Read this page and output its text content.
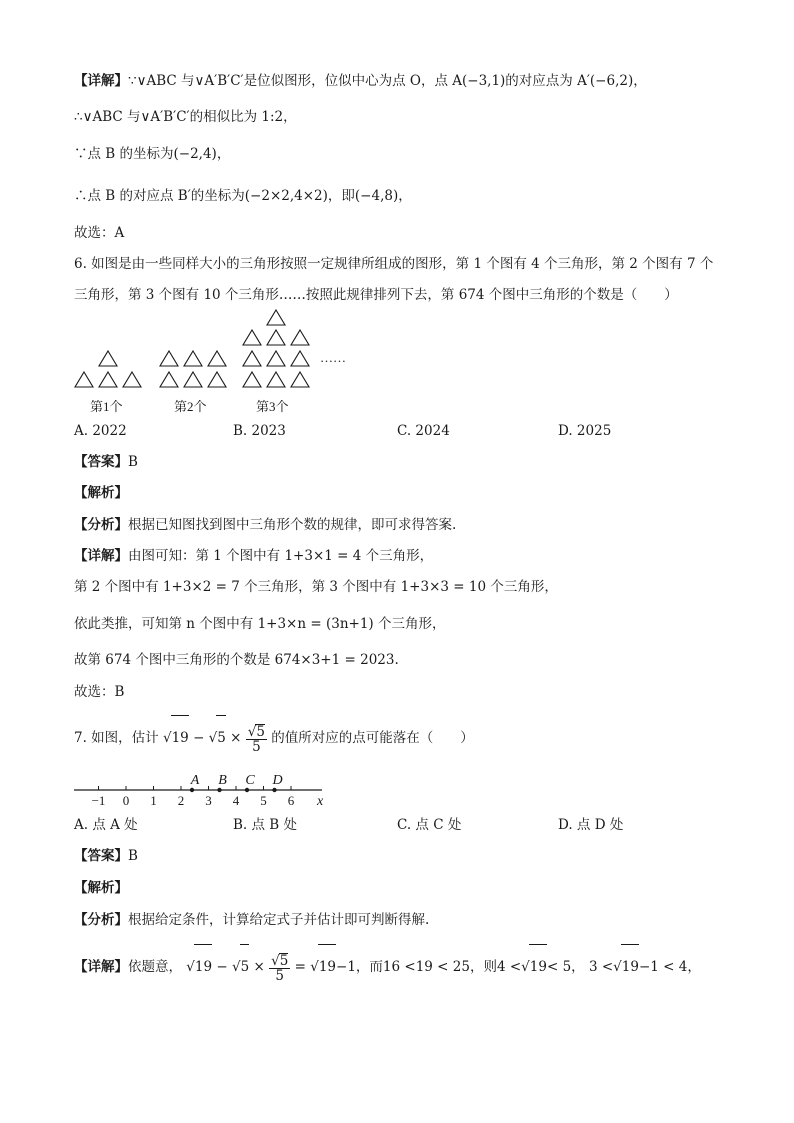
【详解】∵∨ABC 与∨A′B′C′是位似图形，位似中心为点 O，点 A(−3,1)的对应点为 A′(−6,2)，
∴∨ABC 与∨A′B′C′的相似比为 1:2，
∵点 B 的坐标为(−2,4)，
∴点 B 的对应点 B′的坐标为(−2×2,4×2)，即(−4,8)，
故选：A
6. 如图是由一些同样大小的三角形按照一定规律所组成的图形，第 1 个图有 4 个三角形，第 2 个图有 7 个
三角形，第 3 个图有 10 个三角形……按照此规律排列下去，第 674 个图中三角形的个数是（　　）
……
第1个	第2个	第3个
A. 2022	B. 2023	C. 2024	D. 2025
【答案】B
【解析】
【分析】根据已知图找到图中三角形个数的规律，即可求得答案.
【详解】由图可知：第 1 个图中有 1+3×1 = 4 个三角形，
第 2 个图中有 1+3×2 = 7 个三角形，第 3 个图中有 1+3×3 = 10 个三角形，
依此类推，可知第 n 个图中有 1+3×n = (3n+1) 个三角形，
故第 674 个图中三角形的个数是 674×3+1 = 2023.
故选：B
7. 如图，估计 $√19 - √5 \times \frac{√5}{5}$ 的值所对应的点可能落在（　　）
−1 0 1 2 3 4 5 6
A B C D
x
A. 点 A 处	B. 点 B 处	C. 点 C 处	D. 点 D 处
【答案】B
【解析】
【分析】根据给定条件，计算给定式子并估计即可判断得解.
【详解】依题意， $√19 - √5 \times \frac{√5}{5} = √19-1$，而16 <19 < 25，则4 <√19< 5， 3 <√19−1 < 4，
